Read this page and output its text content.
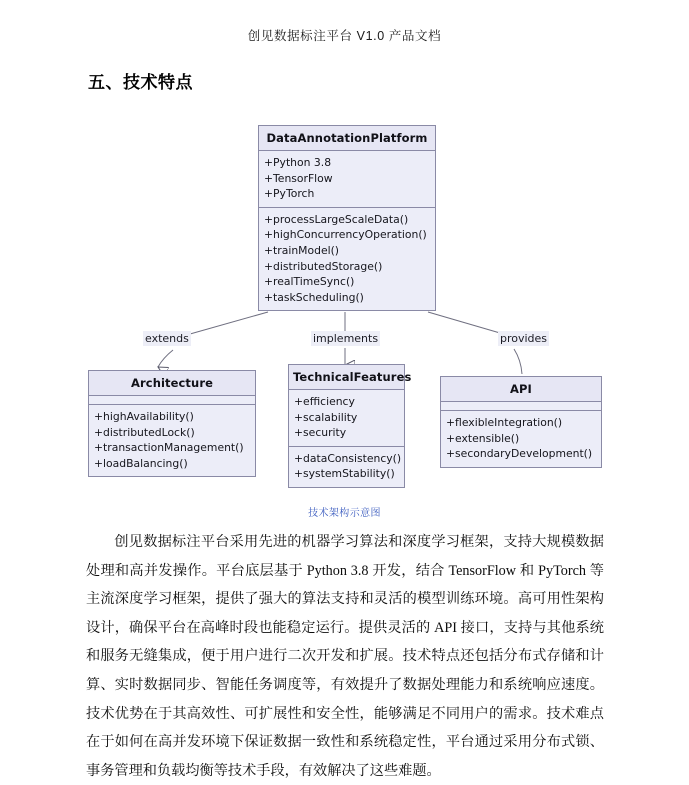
创见数据标注平台 V1.0 产品文档
五、技术特点
DataAnnotationPlatform
+Python 3.8
+TensorFlow
+PyTorch
+processLargeScaleData()
+highConcurrencyOperation()
+trainModel()
+distributedStorage()
+realTimeSync()
+taskScheduling()
Architecture
+highAvailability()
+distributedLock()
+transactionManagement()
+loadBalancing()
TechnicalFeatures
+efficiency
+scalability
+security
+dataConsistency()
+systemStability()
API
+flexibleIntegration()
+extensible()
+secondaryDevelopment()
extends	implements	provides
技术架构示意图
创见数据标注平台采用先进的机器学习算法和深度学习框架，支持大规模数据处理和高并发操作。平台底层基于 Python 3.8 开发，结合 TensorFlow 和 PyTorch 等主流深度学习框架，提供了强大的算法支持和灵活的模型训练环境。高可用性架构设计，确保平台在高峰时段也能稳定运行。提供灵活的 API 接口，支持与其他系统和服务无缝集成，便于用户进行二次开发和扩展。技术特点还包括分布式存储和计算、实时数据同步、智能任务调度等，有效提升了数据处理能力和系统响应速度。技术优势在于其高效性、可扩展性和安全性，能够满足不同用户的需求。技术难点在于如何在高并发环境下保证数据一致性和系统稳定性，平台通过采用分布式锁、事务管理和负载均衡等技术手段，有效解决了这些难题。
